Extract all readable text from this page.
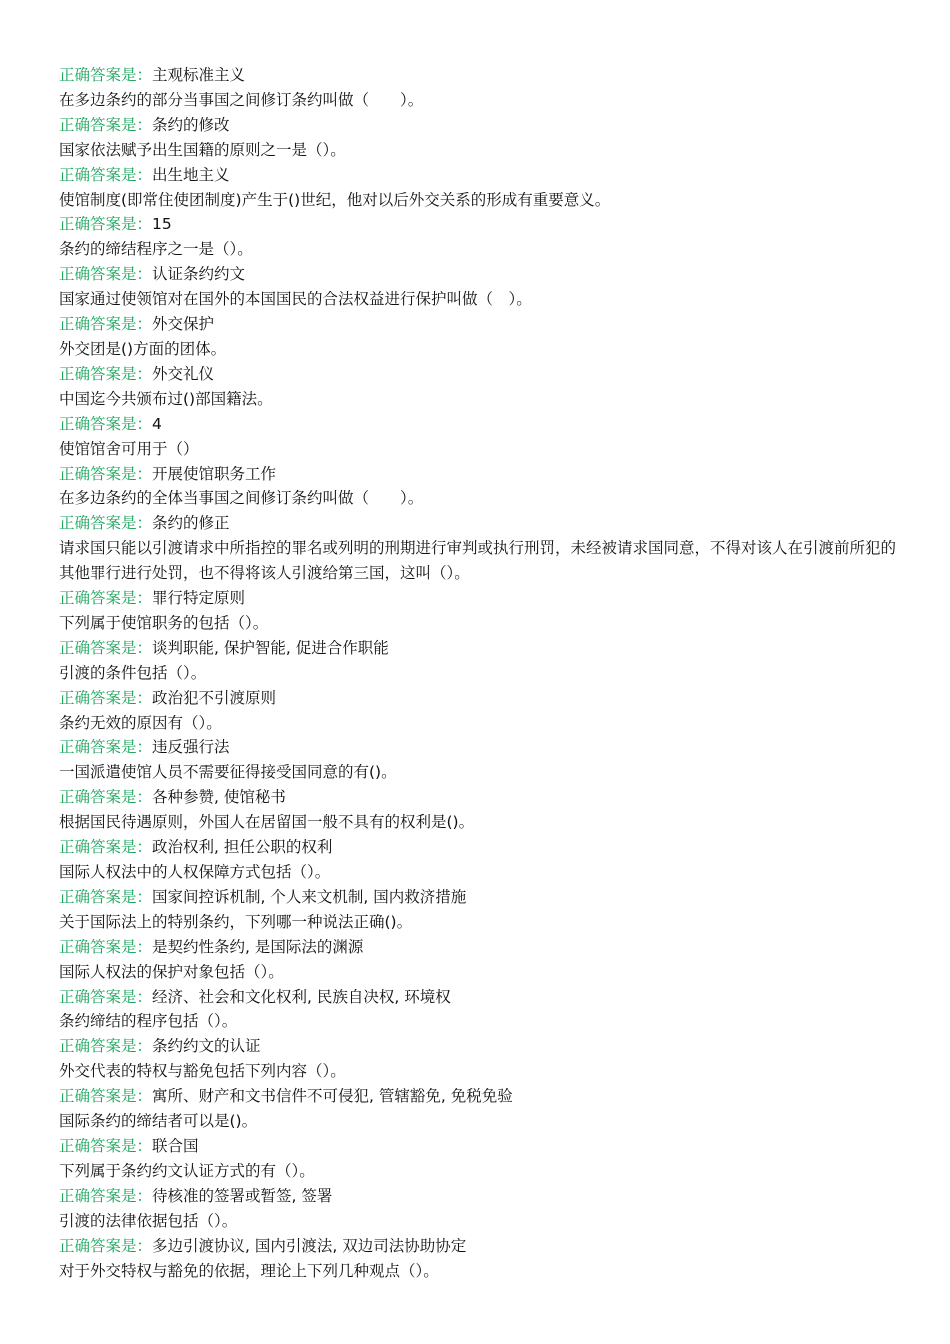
正确答案是：主观标准主义
在多边条约的部分当事国之间修订条约叫做（　　）。
正确答案是：条约的修改
国家依法赋予出生国籍的原则之一是（）。
正确答案是：出生地主义
使馆制度(即常住使团制度)产生于()世纪，他对以后外交关系的形成有重要意义。
正确答案是：15
条约的缔结程序之一是（）。
正确答案是：认证条约约文
国家通过使领馆对在国外的本国国民的合法权益进行保护叫做（　）。
正确答案是：外交保护
外交团是()方面的团体。
正确答案是：外交礼仪
中国迄今共颁布过()部国籍法。
正确答案是：4
使馆馆舍可用于（）
正确答案是：开展使馆职务工作
在多边条约的全体当事国之间修订条约叫做（　　）。
正确答案是：条约的修正
请求国只能以引渡请求中所指控的罪名或列明的刑期进行审判或执行刑罚，未经被请求国同意，不得对该人在引渡前所犯的其他罪行进行处罚，也不得将该人引渡给第三国，这叫（）。
正确答案是：罪行特定原则
下列属于使馆职务的包括（）。
正确答案是：谈判职能, 保护智能, 促进合作职能
引渡的条件包括（）。
正确答案是：政治犯不引渡原则
条约无效的原因有（）。
正确答案是：违反强行法
一国派遣使馆人员不需要征得接受国同意的有()。
正确答案是：各种参赞, 使馆秘书
根据国民待遇原则，外国人在居留国一般不具有的权利是()。
正确答案是：政治权利, 担任公职的权利
国际人权法中的人权保障方式包括（）。
正确答案是：国家间控诉机制, 个人来文机制, 国内救济措施
关于国际法上的特别条约，下列哪一种说法正确()。
正确答案是：是契约性条约, 是国际法的渊源
国际人权法的保护对象包括（）。
正确答案是：经济、社会和文化权利, 民族自决权, 环境权
条约缔结的程序包括（）。
正确答案是：条约约文的认证
外交代表的特权与豁免包括下列内容（）。
正确答案是：寓所、财产和文书信件不可侵犯, 管辖豁免, 免税免验
国际条约的缔结者可以是()。
正确答案是：联合国
下列属于条约约文认证方式的有（）。
正确答案是：待核准的签署或暂签, 签署
引渡的法律依据包括（）。
正确答案是：多边引渡协议, 国内引渡法, 双边司法协助协定
对于外交特权与豁免的依据，理论上下列几种观点（）。
